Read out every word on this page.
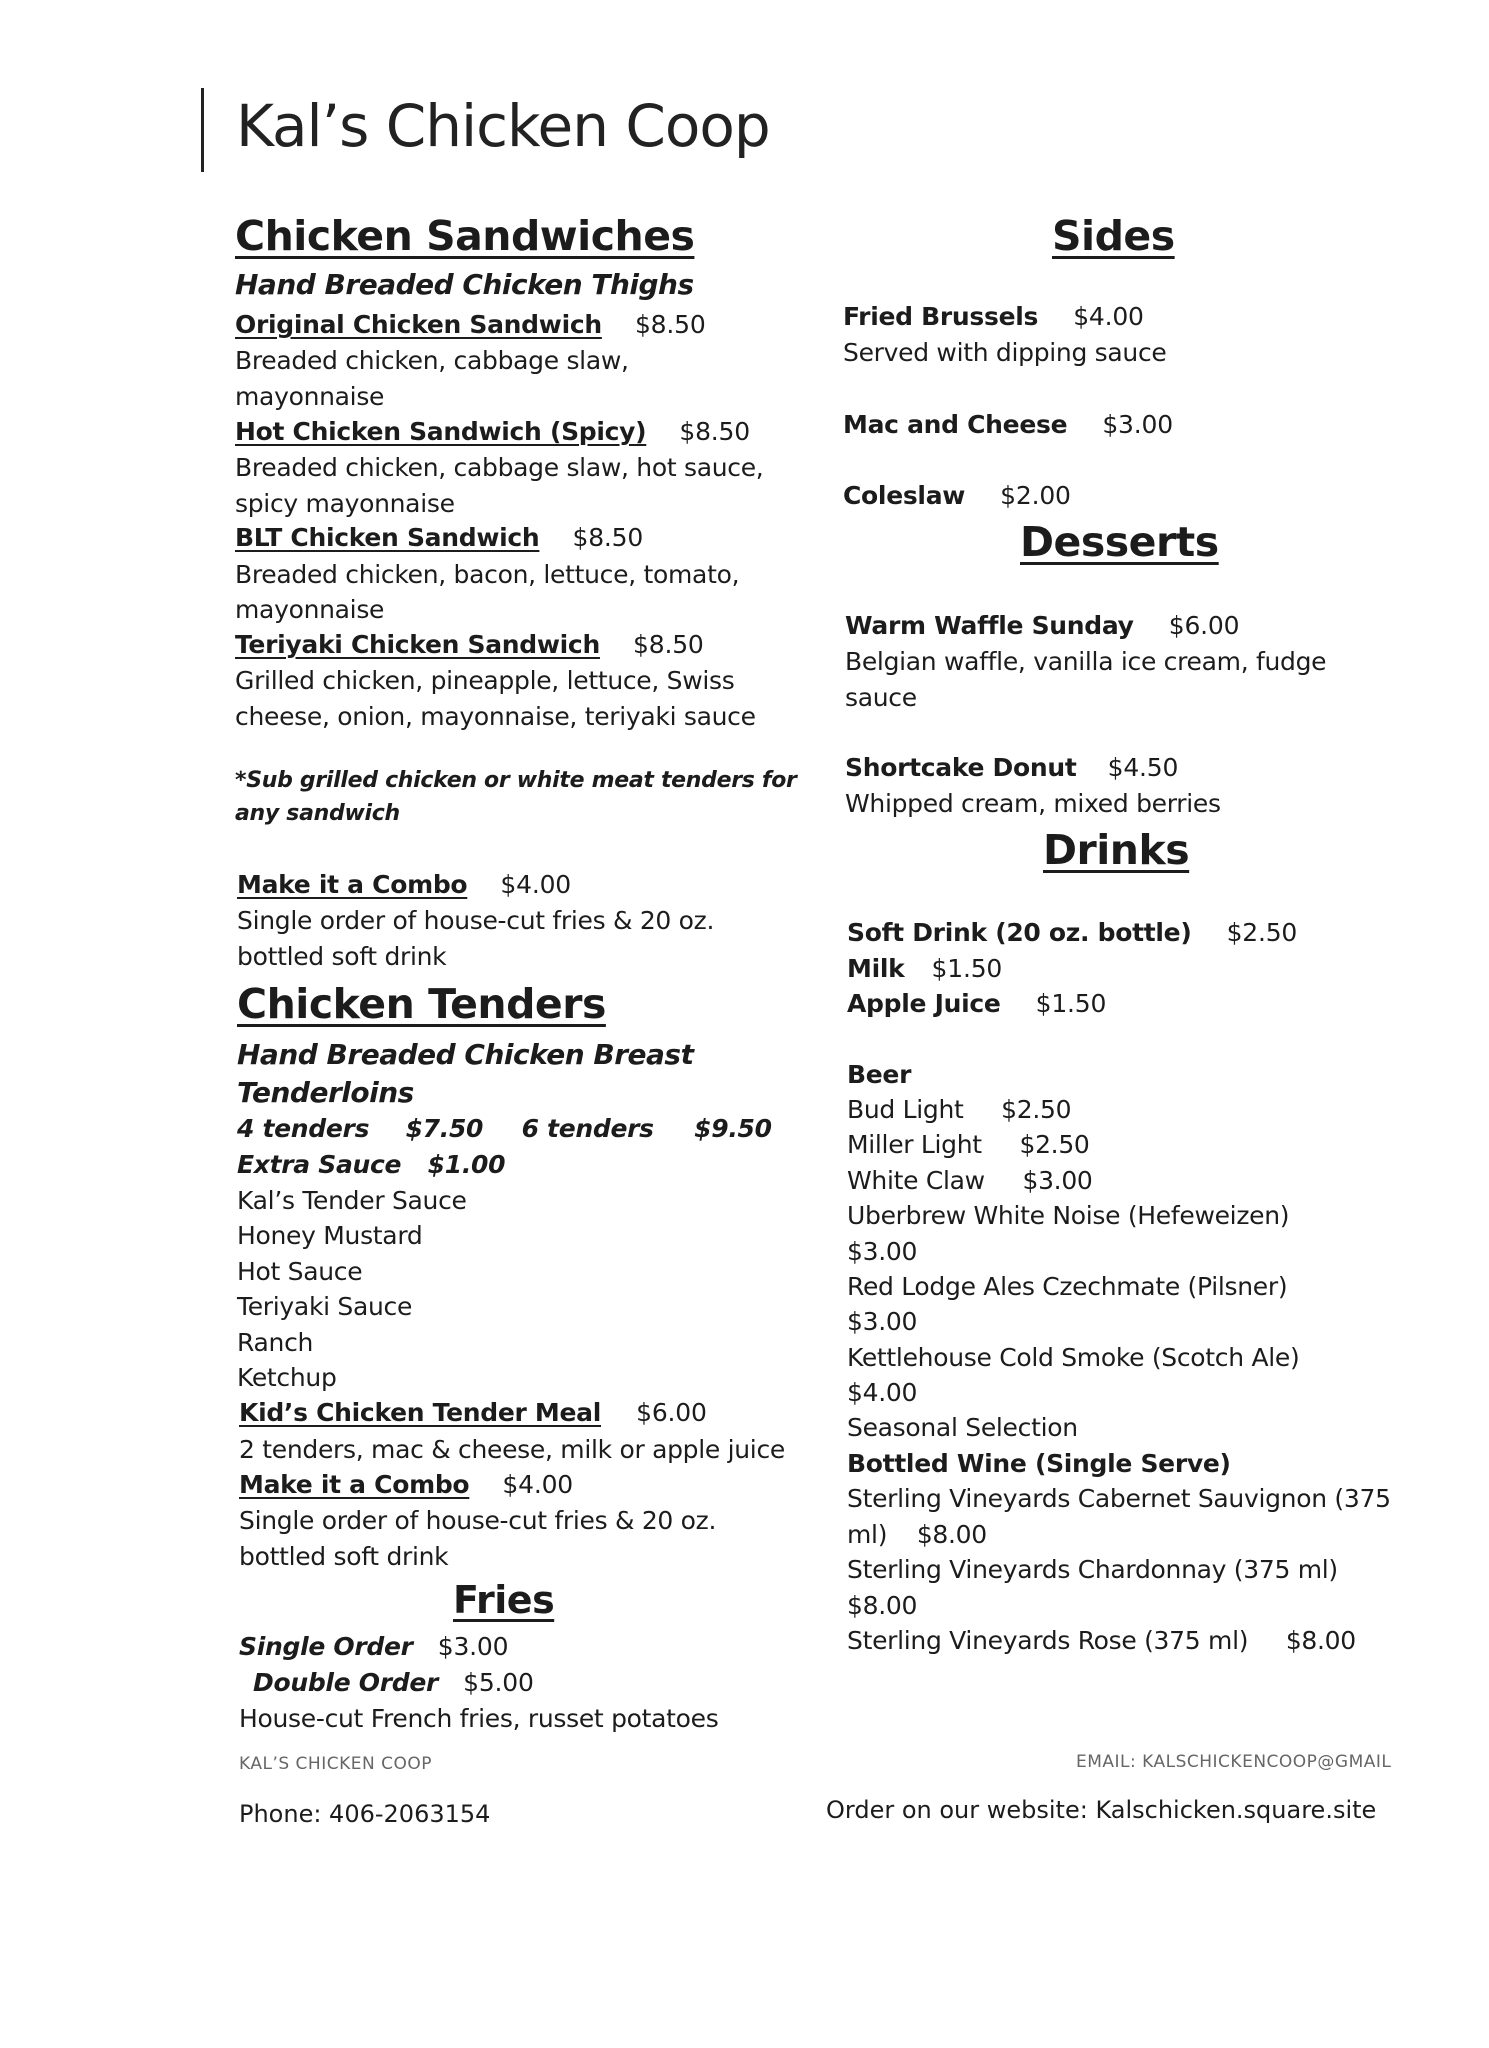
Kal’s Chicken Coop
Chicken Sandwiches
Hand Breaded Chicken Thighs
Original Chicken Sandwich $8.50
Breaded chicken, cabbage slaw,
mayonnaise
Hot Chicken Sandwich (Spicy) $8.50
Breaded chicken, cabbage slaw, hot sauce,
spicy mayonnaise
BLT Chicken Sandwich $8.50
Breaded chicken, bacon, lettuce, tomato,
mayonnaise
Teriyaki Chicken Sandwich $8.50
Grilled chicken, pineapple, lettuce, Swiss
cheese, onion, mayonnaise, teriyaki sauce
*Sub grilled chicken or white meat tenders for
any sandwich
Make it a Combo $4.00
Single order of house-cut fries & 20 oz.
bottled soft drink
Chicken Tenders
Hand Breaded Chicken Breast
Tenderloins
4 tenders $7.50 6 tenders $9.50
Extra Sauce $1.00
Kal’s Tender Sauce
Honey Mustard
Hot Sauce
Teriyaki Sauce
Ranch
Ketchup
Kid’s Chicken Tender Meal $6.00
2 tenders, mac & cheese, milk or apple juice
Make it a Combo $4.00
Single order of house-cut fries & 20 oz.
bottled soft drink
Fries
Single Order $3.00
Double Order $5.00
House-cut French fries, russet potatoes
Sides
Fried Brussels $4.00
Served with dipping sauce
Mac and Cheese $3.00
Coleslaw $2.00
Desserts
Warm Waffle Sunday $6.00
Belgian waffle, vanilla ice cream, fudge
sauce
Shortcake Donut $4.50
Whipped cream, mixed berries
Drinks
Soft Drink (20 oz. bottle) $2.50
Milk $1.50
Apple Juice $1.50
Beer
Bud Light $2.50
Miller Light $2.50
White Claw $3.00
Uberbrew White Noise (Hefeweizen)
$3.00
Red Lodge Ales Czechmate (Pilsner)
$3.00
Kettlehouse Cold Smoke (Scotch Ale)
$4.00
Seasonal Selection
Bottled Wine (Single Serve)
Sterling Vineyards Cabernet Sauvignon (375
ml) $8.00
Sterling Vineyards Chardonnay (375 ml)
$8.00
Sterling Vineyards Rose (375 ml) $8.00
KAL’S CHICKEN COOP	EMAIL: KALSCHICKENCOOP@GMAIL
Phone: 406-2063154	Order on our website: Kalschicken.square.site
